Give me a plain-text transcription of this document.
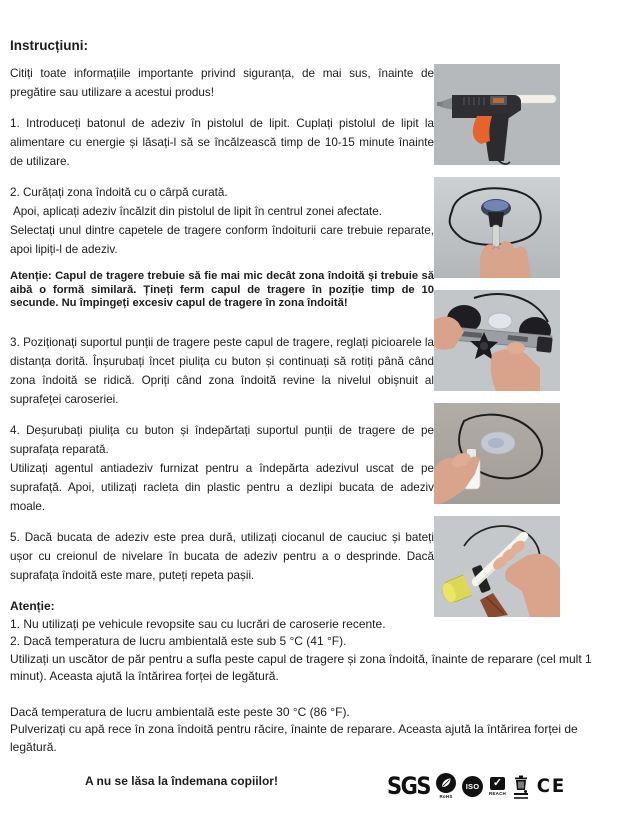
Instrucțiuni:

Citiți toate informațiile importante privind siguranța, de mai sus, înainte de pregătire sau utilizare a acestui produs!

1. Introduceți batonul de adeziv în pistolul de lipit. Cuplați pistolul de lipit la alimentare cu energie și lăsați-l să se încălzească timp de 10-15 minute înainte de utilizare.

2. Curățați zona îndoită cu o cârpă curată.

Apoi, aplicați adeziv încălzit din pistolul de lipit în centrul zonei afectate.

Selectați unul dintre capetele de tragere conform îndoiturii care trebuie reparate, apoi lipiți-l de adeziv.

Atenție: Capul de tragere trebuie să fie mai mic decât zona îndoită și trebuie să aibă o formă similară. Țineți ferm capul de tragere în poziție timp de 10 secunde. Nu împingeți excesiv capul de tragere în zona îndoită!

3. Poziționați suportul punții de tragere peste capul de tragere, reglați picioarele la distanța dorită. Înșurubați încet piulița cu buton și continuați să rotiți până când zona îndoită se ridică. Opriți când zona îndoită revine la nivelul obișnuit al suprafeței caroseriei.

4. Deșurubați piulița cu buton și îndepărtați suportul punții de tragere de pe suprafața reparată.

Utilizați agentul antiadeziv furnizat pentru a îndepărta adezivul uscat de pe suprafață. Apoi, utilizați racleta din plastic pentru a dezlipi bucata de adeziv moale.

5. Dacă bucata de adeziv este prea dură, utilizați ciocanul de cauciuc și bateți ușor cu creionul de nivelare în bucata de adeziv pentru a o desprinde. Dacă suprafața îndoită este mare, puteți repeta pașii.

Atenție:

1. Nu utilizați pe vehicule revopsite sau cu lucrări de caroserie recente.

2. Dacă temperatura de lucru ambientală este sub 5 °C (41 °F).

Utilizați un uscător de păr pentru a sufla peste capul de tragere și zona îndoită, înainte de reparare (cel mult 1 minut). Aceasta ajută la întărirea forței de legătură.

Dacă temperatura de lucru ambientală este peste 30 °C (86 °F).

Pulverizați cu apă rece în zona îndoită pentru răcire, înainte de reparare. Aceasta ajută la întărirea forței de legătură.

A nu se lăsa la îndemana copiilor!	SGS RoHS
ISO	✓
REACH CE
